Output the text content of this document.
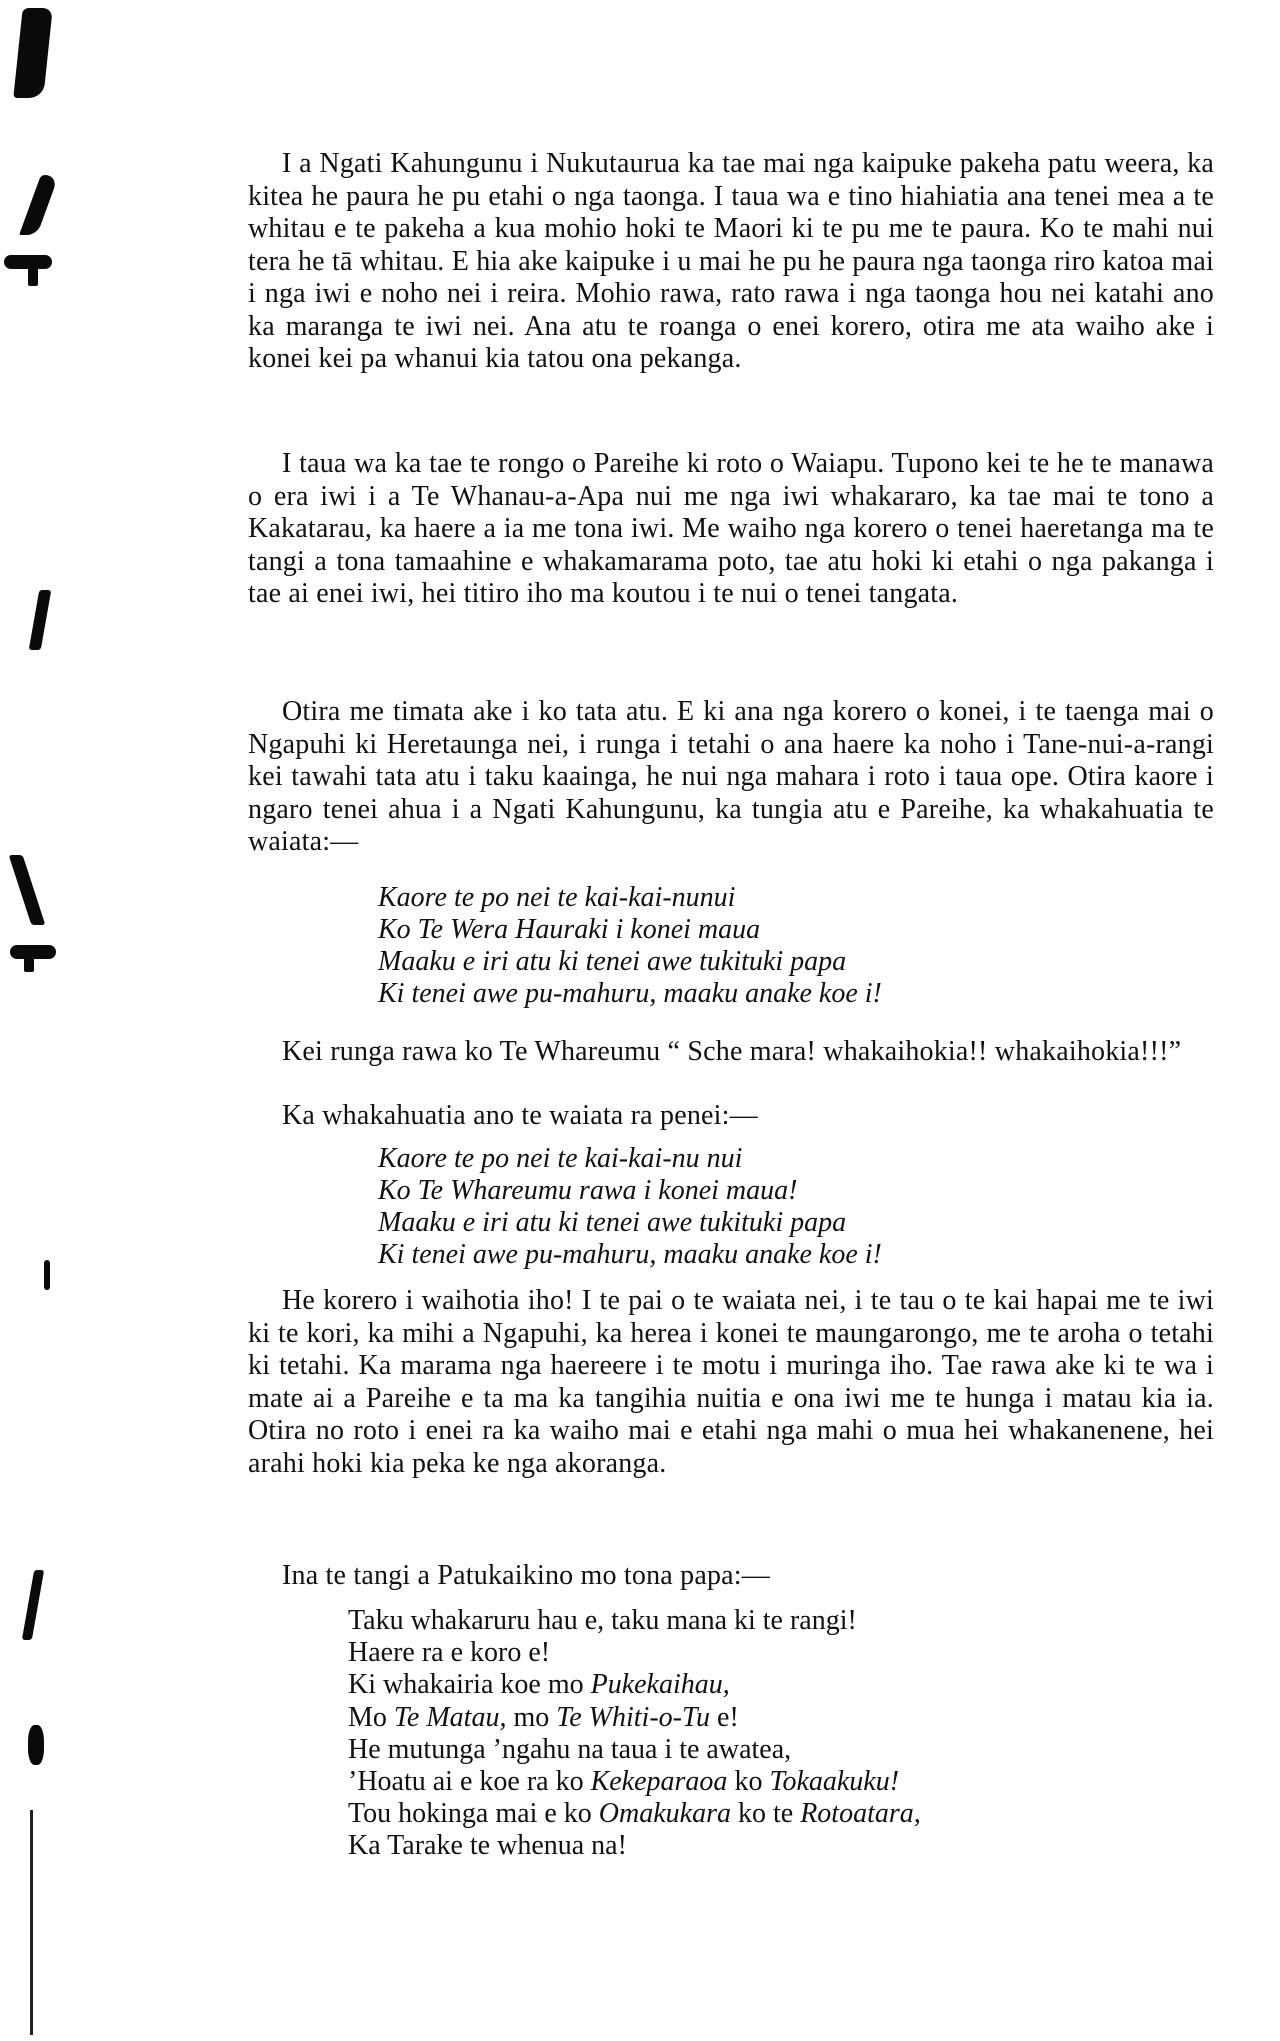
I a Ngati Kahungunu i Nukutaurua ka tae mai nga kaipuke pakeha patu weera, ka kitea he paura he pu etahi o nga taonga. I taua wa e tino hiahiatia ana tenei mea a te whitau e te pakeha a kua mohio hoki te Maori ki te pu me te paura. Ko te mahi nui tera he tā whitau. E hia ake kaipuke i u mai he pu he paura nga taonga riro katoa mai i nga iwi e noho nei i reira. Mohio rawa, rato rawa i nga taonga hou nei katahi ano ka maranga te iwi nei. Ana atu te roanga o enei korero, otira me ata waiho ake i konei kei pa whanui kia tatou ona pekanga.

I taua wa ka tae te rongo o Pareihe ki roto o Waiapu. Tupono kei te he te manawa o era iwi i a Te Whanau-a-Apa nui me nga iwi whakararo, ka tae mai te tono a Kakatarau, ka haere a ia me tona iwi. Me waiho nga korero o tenei haeretanga ma te tangi a tona tamaahine e whakamarama poto, tae atu hoki ki etahi o nga pakanga i tae ai enei iwi, hei titiro iho ma koutou i te nui o tenei tangata.

Otira me timata ake i ko tata atu. E ki ana nga korero o konei, i te taenga mai o Ngapuhi ki Heretaunga nei, i runga i tetahi o ana haere ka noho i Tane-nui-a-rangi kei tawahi tata atu i taku kaainga, he nui nga mahara i roto i taua ope. Otira kaore i ngaro tenei ahua i a Ngati Kahungunu, ka tungia atu e Pareihe, ka whakahuatia te waiata:—

Kaore te po nei te kai-kai-nunui
Ko Te Wera Hauraki i konei maua
Maaku e iri atu ki tenei awe tukituki papa
Ki tenei awe pu-mahuru, maaku anake koe i!

Kei runga rawa ko Te Whareumu “ Sche mara! whakaihokia!! whakaihokia!!!”

Ka whakahuatia ano te waiata ra penei:—

Kaore te po nei te kai-kai-nu nui
Ko Te Whareumu rawa i konei maua!
Maaku e iri atu ki tenei awe tukituki papa
Ki tenei awe pu-mahuru, maaku anake koe i!

He korero i waihotia iho! I te pai o te waiata nei, i te tau o te kai hapai me te iwi ki te kori, ka mihi a Ngapuhi, ka herea i konei te maungarongo, me te aroha o tetahi ki tetahi. Ka marama nga haereere i te motu i muringa iho. Tae rawa ake ki te wa i mate ai a Pareihe e ta ma ka tangihia nuitia e ona iwi me te hunga i matau kia ia. Otira no roto i enei ra ka waiho mai e etahi nga mahi o mua hei whakanenene, hei arahi hoki kia peka ke nga akoranga.

Ina te tangi a Patukaikino mo tona papa:—

Taku whakaruru hau e, taku mana ki te rangi!
Haere ra e koro e!
Ki whakairia koe mo Pukekaihau,
Mo Te Matau, mo Te Whiti-o-Tu e!
He mutunga ’ngahu na taua i te awatea,
’Hoatu ai e koe ra ko Kekeparaoa ko Tokaakuku!
Tou hokinga mai e ko Omakukara ko te Rotoatara,
Ka Tarake te whenua na!
